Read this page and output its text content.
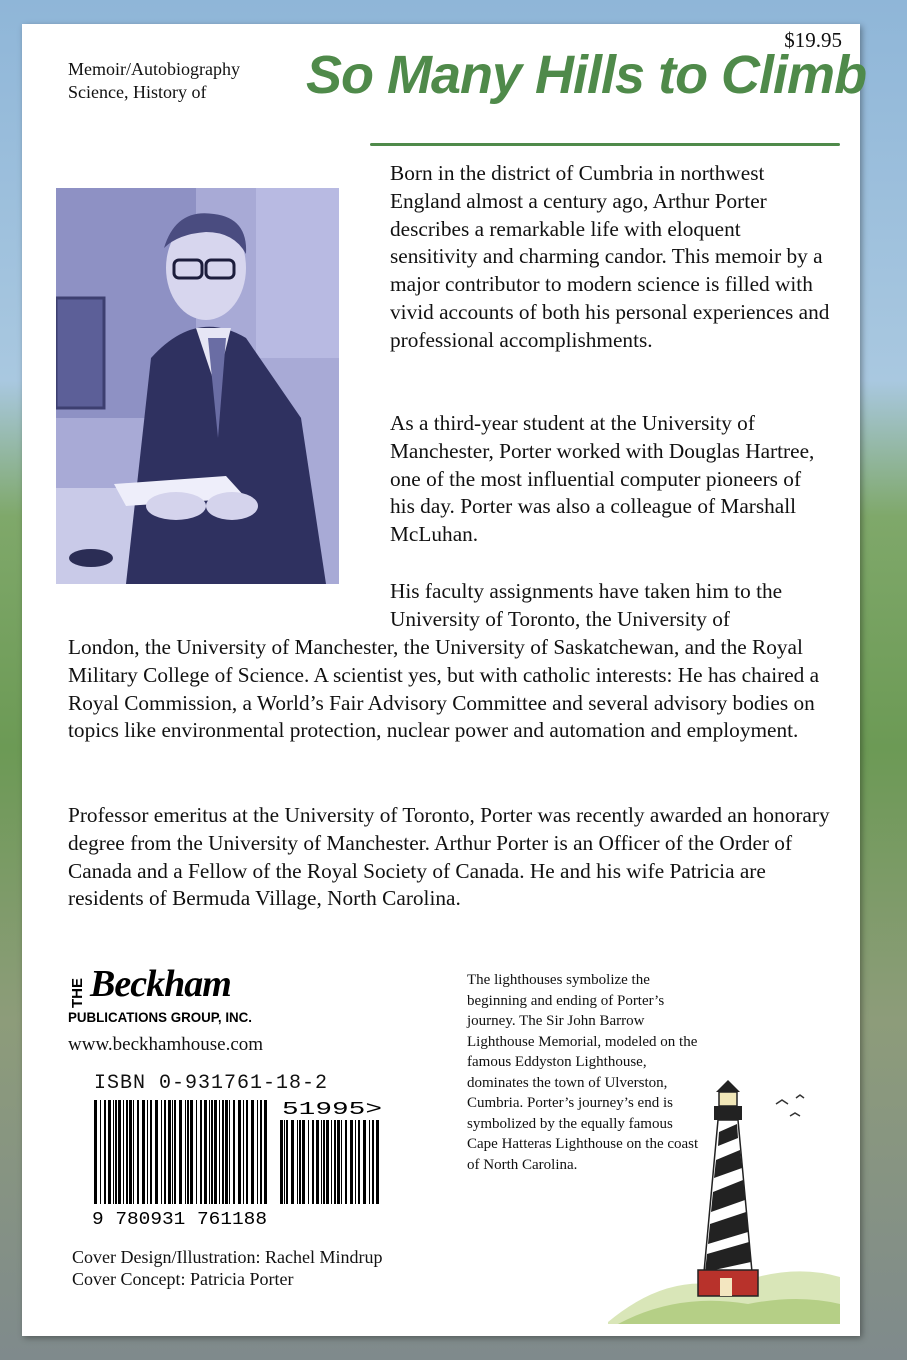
$19.95
Memoir/Autobiography
Science, History of	So Many Hills to Climb
Born in the district of Cumbria in northwest England almost a century ago, Arthur Porter describes a remarkable life with eloquent sensitivity and charming candor. This memoir by a major contributor to modern science is filled with vivid accounts of both his personal experiences and professional accomplishments.
As a third-year student at the University of Manchester, Porter worked with Douglas Hartree, one of the most influential computer pioneers of his day. Porter was also a colleague of Marshall McLuhan.
His faculty assignments have taken him to the University of Toronto, the University of
London, the University of Manchester, the University of Saskatchewan, and the Royal Military College of Science. A scientist yes, but with catholic interests: He has chaired a Royal Commission, a World’s Fair Advisory Committee and several advisory bodies on topics like environmental protection, nuclear power and automation and employment.
Professor emeritus at the University of Toronto, Porter was recently awarded an honorary degree from the University of Manchester. Arthur Porter is an Officer of the Order of Canada and a Fellow of the Royal Society of Canada. He and his wife Patricia are residents of Bermuda Village, North Carolina.
THE Beckham
PUBLICATIONS GROUP, INC.
www.beckhamhouse.com
ISBN 0-931761-18-2
9 780931 761188
51995>
Cover Design/Illustration: Rachel Mindrup
Cover Concept: Patricia Porter
The lighthouses symbolize the beginning and ending of Porter’s journey. The Sir John Barrow Lighthouse Memorial, modeled on the famous Eddyston Lighthouse, dominates the town of Ulverston, Cumbria. Porter’s journey’s end is symbolized by the equally famous Cape Hatteras Lighthouse on the coast of North Carolina.
